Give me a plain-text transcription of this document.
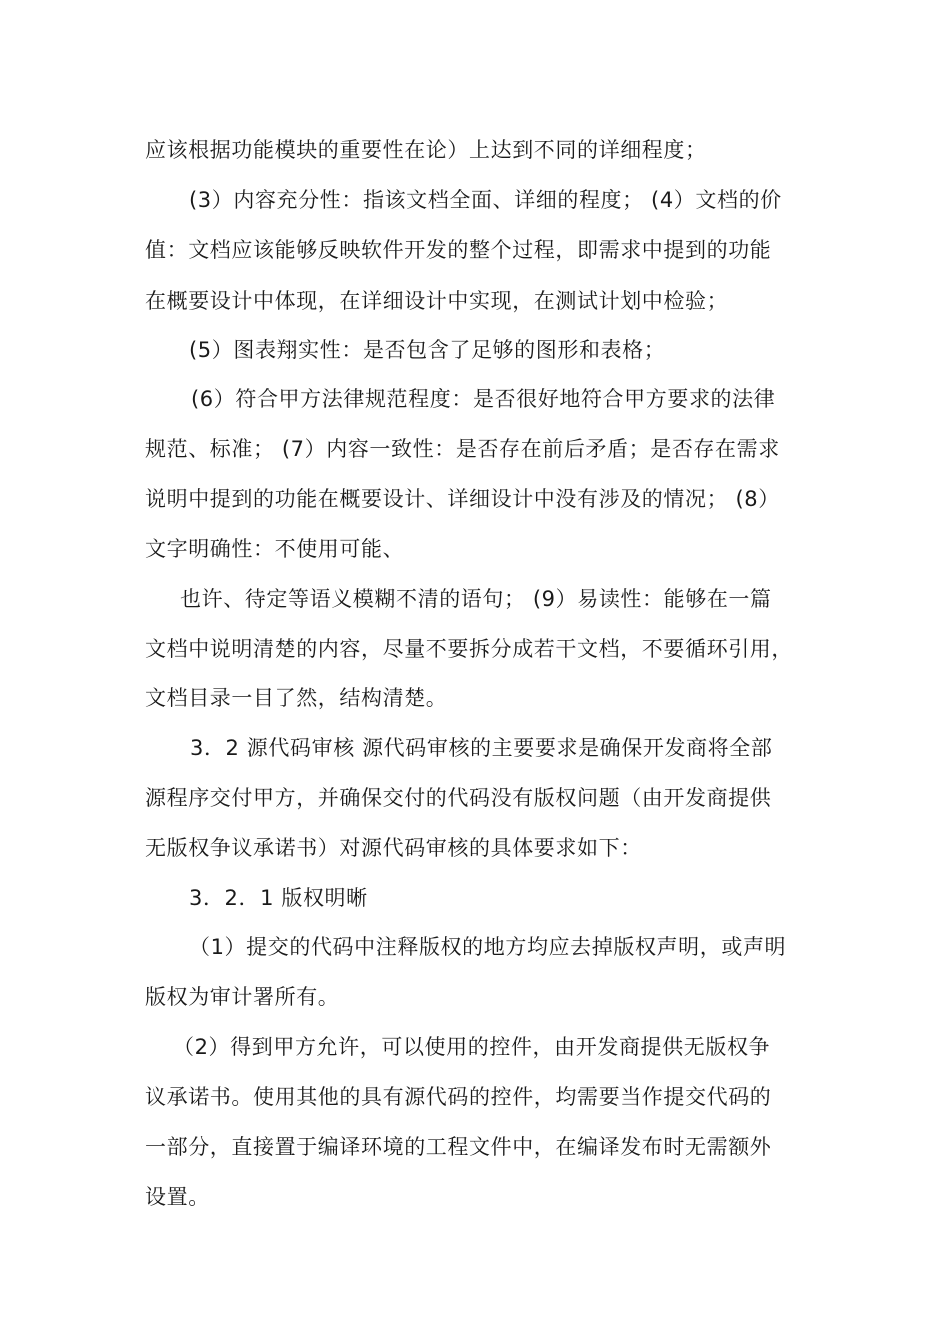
应该根据功能模块的重要性在论）上达到不同的详细程度；
(3）内容充分性：指该文档全面、详细的程度； (4）文档的价
值：文档应该能够反映软件开发的整个过程，即需求中提到的功能
在概要设计中体现，在详细设计中实现，在测试计划中检验；
(5）图表翔实性：是否包含了足够的图形和表格；
(6）符合甲方法律规范程度：是否很好地符合甲方要求的法律
规范、标准； (7）内容一致性：是否存在前后矛盾；是否存在需求
说明中提到的功能在概要设计、详细设计中没有涉及的情况； (8）
文字明确性：不使用可能、
也许、待定等语义模糊不清的语句； (9）易读性：能够在一篇
文档中说明清楚的内容，尽量不要拆分成若干文档，不要循环引用，
文档目录一目了然，结构清楚。
3．2 源代码审核 源代码审核的主要要求是确保开发商将全部
源程序交付甲方，并确保交付的代码没有版权问题（由开发商提供
无版权争议承诺书）对源代码审核的具体要求如下：
3．2．1 版权明晰
（1）提交的代码中注释版权的地方均应去掉版权声明，或声明
版权为审计署所有。
（2）得到甲方允许，可以使用的控件，由开发商提供无版权争
议承诺书。使用其他的具有源代码的控件，均需要当作提交代码的
一部分，直接置于编译环境的工程文件中，在编译发布时无需额外
设置。
